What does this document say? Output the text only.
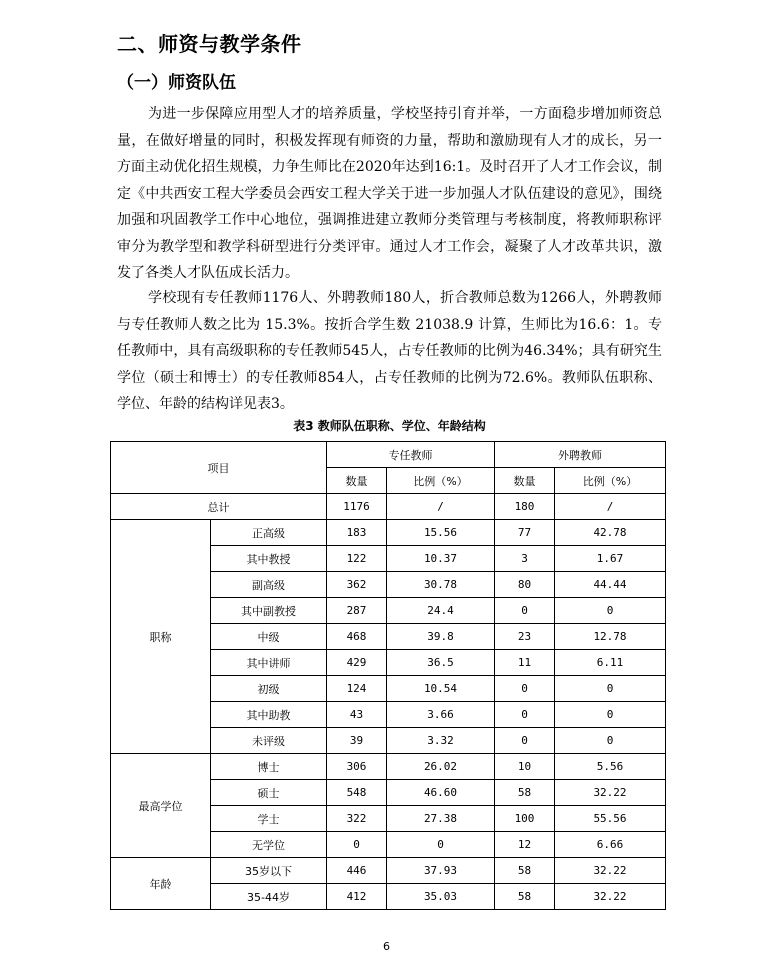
二、师资与教学条件
（一）师资队伍

为进一步保障应用型人才的培养质量，学校坚持引育并举，一方面稳步增加师资总量，在做好增量的同时，积极发挥现有师资的力量，帮助和激励现有人才的成长，另一方面主动优化招生规模，力争生师比在2020年达到16:1。及时召开了人才工作会议，制定《中共西安工程大学委员会西安工程大学关于进一步加强人才队伍建设的意见》，围绕加强和巩固教学工作中心地位，强调推进建立教师分类管理与考核制度，将教师职称评审分为教学型和教学科研型进行分类评审。通过人才工作会，凝聚了人才改革共识，激发了各类人才队伍成长活力。

学校现有专任教师1176人、外聘教师180人，折合教师总数为1266人，外聘教师与专任教师人数之比为 15.3%。按折合学生数 21038.9 计算，生师比为16.6：1。专任教师中，具有高级职称的专任教师545人，占专任教师的比例为46.34%；具有研究生学位（硕士和博士）的专任教师854人，占专任教师的比例为72.6%。教师队伍职称、学位、年龄的结构详见表3。

表3 教师队伍职称、学位、年龄结构

项目		专任教师		外聘教师	
		数量	比例（%）	数量	比例（%）
总计		1176	/	180	/
职称	正高级	183	15.56	77	42.78
	其中教授	122	10.37	3	1.67
	副高级	362	30.78	80	44.44
	其中副教授	287	24.4	0	0
	中级	468	39.8	23	12.78
	其中讲师	429	36.5	11	6.11
	初级	124	10.54	0	0
	其中助教	43	3.66	0	0
	未评级	39	3.32	0	0
最高学位	博士	306	26.02	10	5.56
	硕士	548	46.60	58	32.22
	学士	322	27.38	100	55.56
	无学位	0	0	12	6.66
年龄	35岁以下	446	37.93	58	32.22
	35-44岁	412	35.03	58	32.22

6
